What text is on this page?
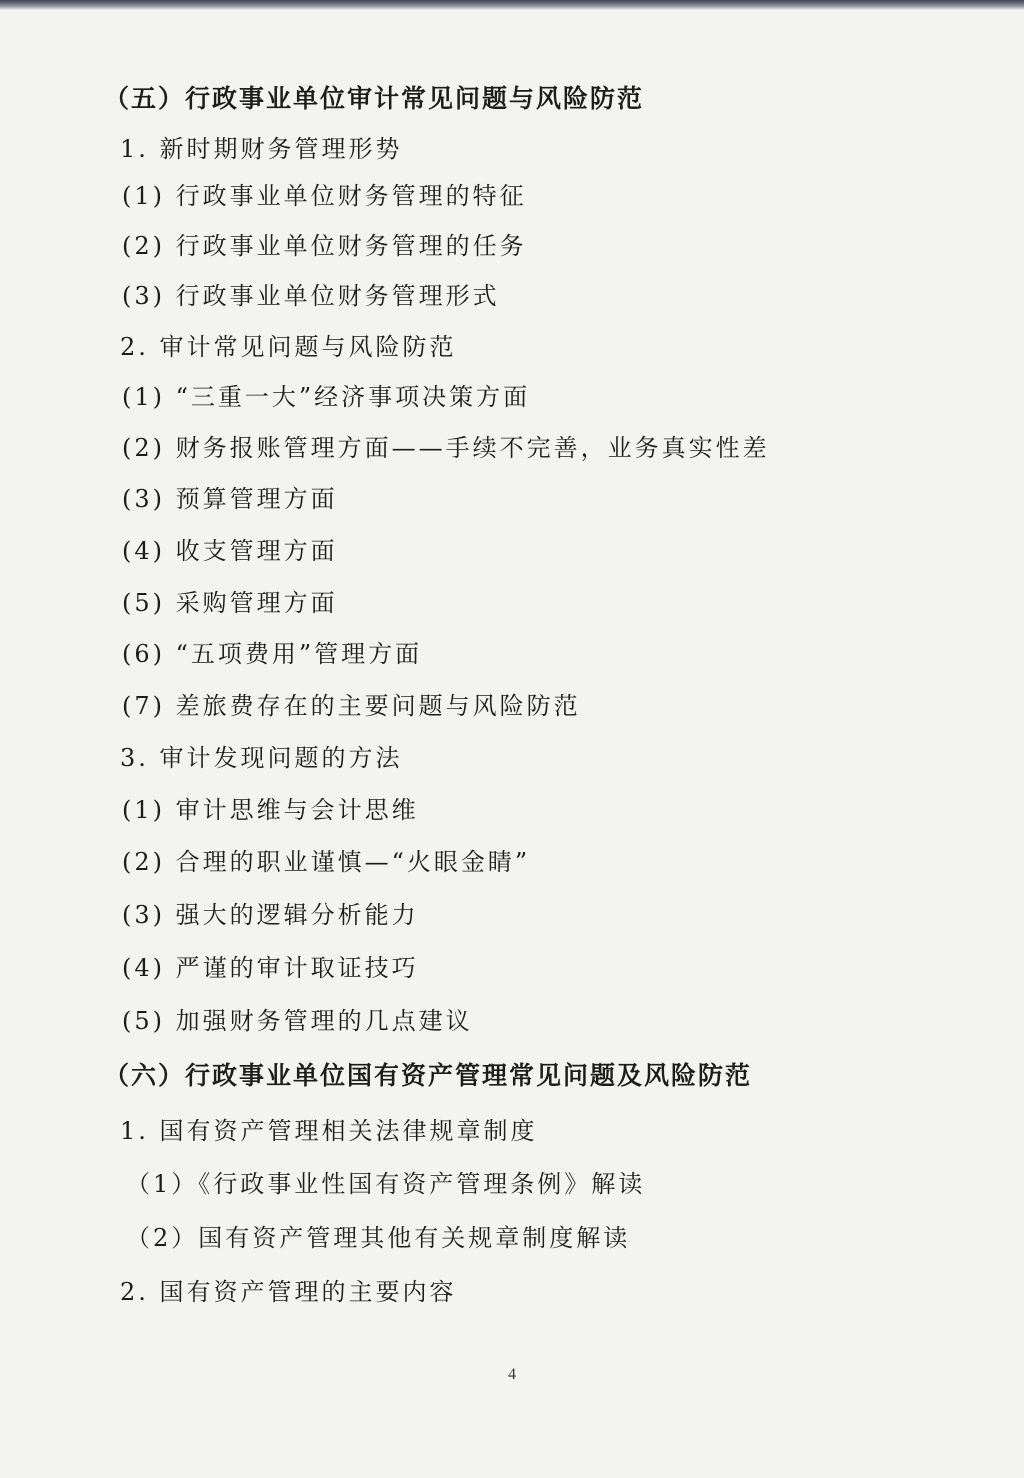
（五）行政事业单位审计常见问题与风险防范
1. 新时期财务管理形势
(1) 行政事业单位财务管理的特征
(2) 行政事业单位财务管理的任务
(3) 行政事业单位财务管理形式
2. 审计常见问题与风险防范
(1) “三重一大”经济事项决策方面
(2) 财务报账管理方面——手续不完善，业务真实性差
(3) 预算管理方面
(4) 收支管理方面
(5) 采购管理方面
(6) “五项费用”管理方面
(7) 差旅费存在的主要问题与风险防范
3. 审计发现问题的方法
(1) 审计思维与会计思维
(2) 合理的职业谨慎—“火眼金睛”
(3) 强大的逻辑分析能力
(4) 严谨的审计取证技巧
(5) 加强财务管理的几点建议
（六）行政事业单位国有资产管理常见问题及风险防范
1. 国有资产管理相关法律规章制度
（1）《行政事业性国有资产管理条例》解读
（2）国有资产管理其他有关规章制度解读
2. 国有资产管理的主要内容
4
